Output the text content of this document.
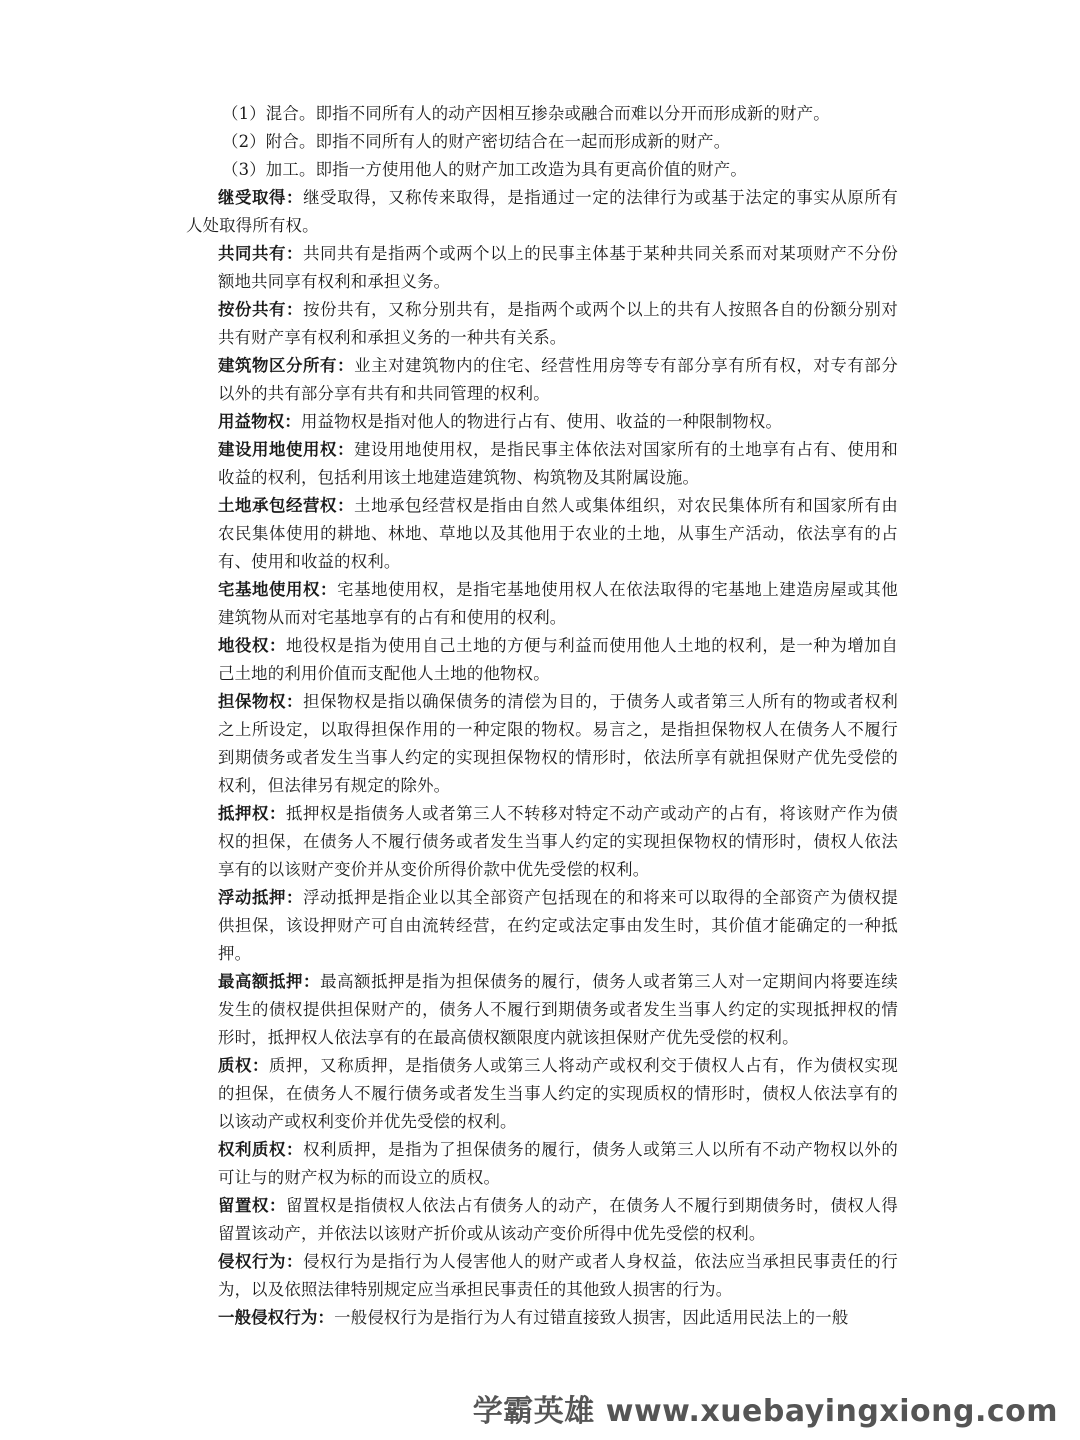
（1）混合。即指不同所有人的动产因相互掺杂或融合而难以分开而形成新的财产。
（2）附合。即指不同所有人的财产密切结合在一起而形成新的财产。
（3）加工。即指一方使用他人的财产加工改造为具有更高价值的财产。
继受取得：继受取得，又称传来取得，是指通过一定的法律行为或基于法定的事实从原所有人处取得所有权。
共同共有：共同共有是指两个或两个以上的民事主体基于某种共同关系而对某项财产不分份额地共同享有权利和承担义务。
按份共有：按份共有，又称分别共有，是指两个或两个以上的共有人按照各自的份额分别对共有财产享有权利和承担义务的一种共有关系。
建筑物区分所有：业主对建筑物内的住宅、经营性用房等专有部分享有所有权，对专有部分以外的共有部分享有共有和共同管理的权利。
用益物权：用益物权是指对他人的物进行占有、使用、收益的一种限制物权。
建设用地使用权：建设用地使用权，是指民事主体依法对国家所有的土地享有占有、使用和收益的权利，包括利用该土地建造建筑物、构筑物及其附属设施。
土地承包经营权：土地承包经营权是指由自然人或集体组织，对农民集体所有和国家所有由农民集体使用的耕地、林地、草地以及其他用于农业的土地，从事生产活动，依法享有的占有、使用和收益的权利。
宅基地使用权：宅基地使用权，是指宅基地使用权人在依法取得的宅基地上建造房屋或其他建筑物从而对宅基地享有的占有和使用的权利。
地役权：地役权是指为使用自己土地的方便与利益而使用他人土地的权利，是一种为增加自己土地的利用价值而支配他人土地的他物权。
担保物权：担保物权是指以确保债务的清偿为目的，于债务人或者第三人所有的物或者权利之上所设定，以取得担保作用的一种定限的物权。易言之，是指担保物权人在债务人不履行到期债务或者发生当事人约定的实现担保物权的情形时，依法所享有就担保财产优先受偿的权利，但法律另有规定的除外。
抵押权：抵押权是指债务人或者第三人不转移对特定不动产或动产的占有，将该财产作为债权的担保，在债务人不履行债务或者发生当事人约定的实现担保物权的情形时，债权人依法享有的以该财产变价并从变价所得价款中优先受偿的权利。
浮动抵押：浮动抵押是指企业以其全部资产包括现在的和将来可以取得的全部资产为债权提供担保，该设押财产可自由流转经营，在约定或法定事由发生时，其价值才能确定的一种抵押。
最高额抵押：最高额抵押是指为担保债务的履行，债务人或者第三人对一定期间内将要连续发生的债权提供担保财产的，债务人不履行到期债务或者发生当事人约定的实现抵押权的情形时，抵押权人依法享有的在最高债权额限度内就该担保财产优先受偿的权利。
质权：质押，又称质押，是指债务人或第三人将动产或权利交于债权人占有，作为债权实现的担保，在债务人不履行债务或者发生当事人约定的实现质权的情形时，债权人依法享有的以该动产或权利变价并优先受偿的权利。
权利质权：权利质押，是指为了担保债务的履行，债务人或第三人以所有不动产物权以外的可让与的财产权为标的而设立的质权。
留置权：留置权是指债权人依法占有债务人的动产，在债务人不履行到期债务时，债权人得留置该动产，并依法以该财产折价或从该动产变价所得中优先受偿的权利。
侵权行为：侵权行为是指行为人侵害他人的财产或者人身权益，依法应当承担民事责任的行为，以及依照法律特别规定应当承担民事责任的其他致人损害的行为。
一般侵权行为：一般侵权行为是指行为人有过错直接致人损害，因此适用民法上的一般
学霸英雄 www.xuebayingxiong.com
